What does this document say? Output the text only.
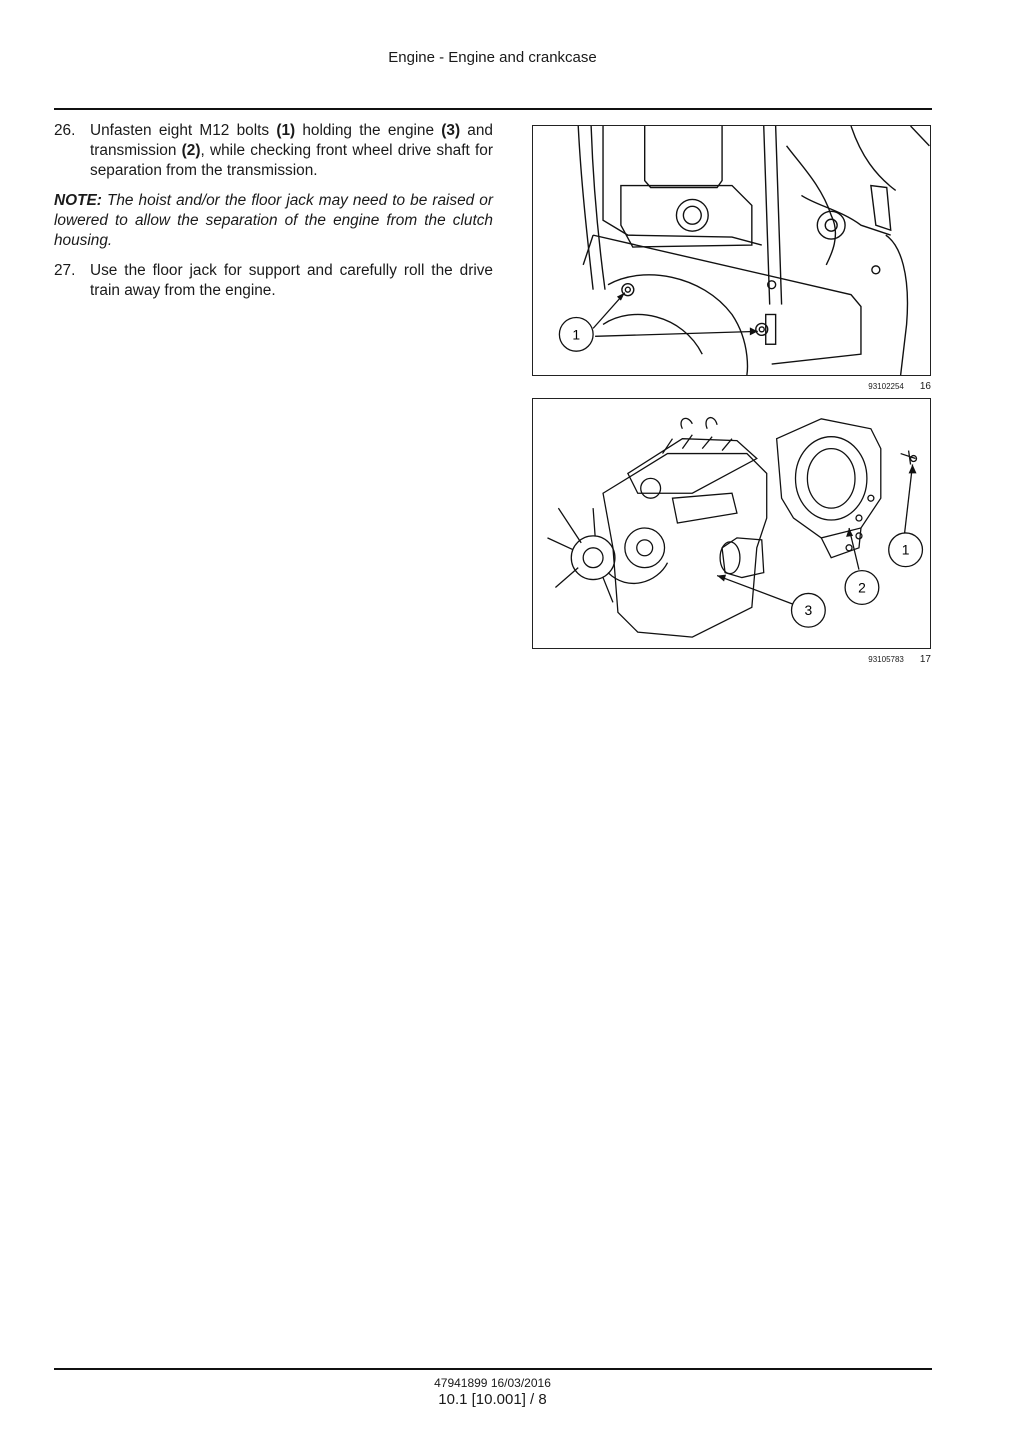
Engine - Engine and crankcase
26. Unfasten eight M12 bolts (1) holding the engine (3) and transmission (2), while checking front wheel drive shaft for separation from the transmission.
NOTE: The hoist and/or the floor jack may need to be raised or lowered to allow the separation of the engine from the clutch housing.
27. Use the floor jack for support and carefully roll the drive train away from the engine.
1
93102254 16
1
2
3
93105783 17
47941899 16/03/2016
10.1 [10.001] / 8
